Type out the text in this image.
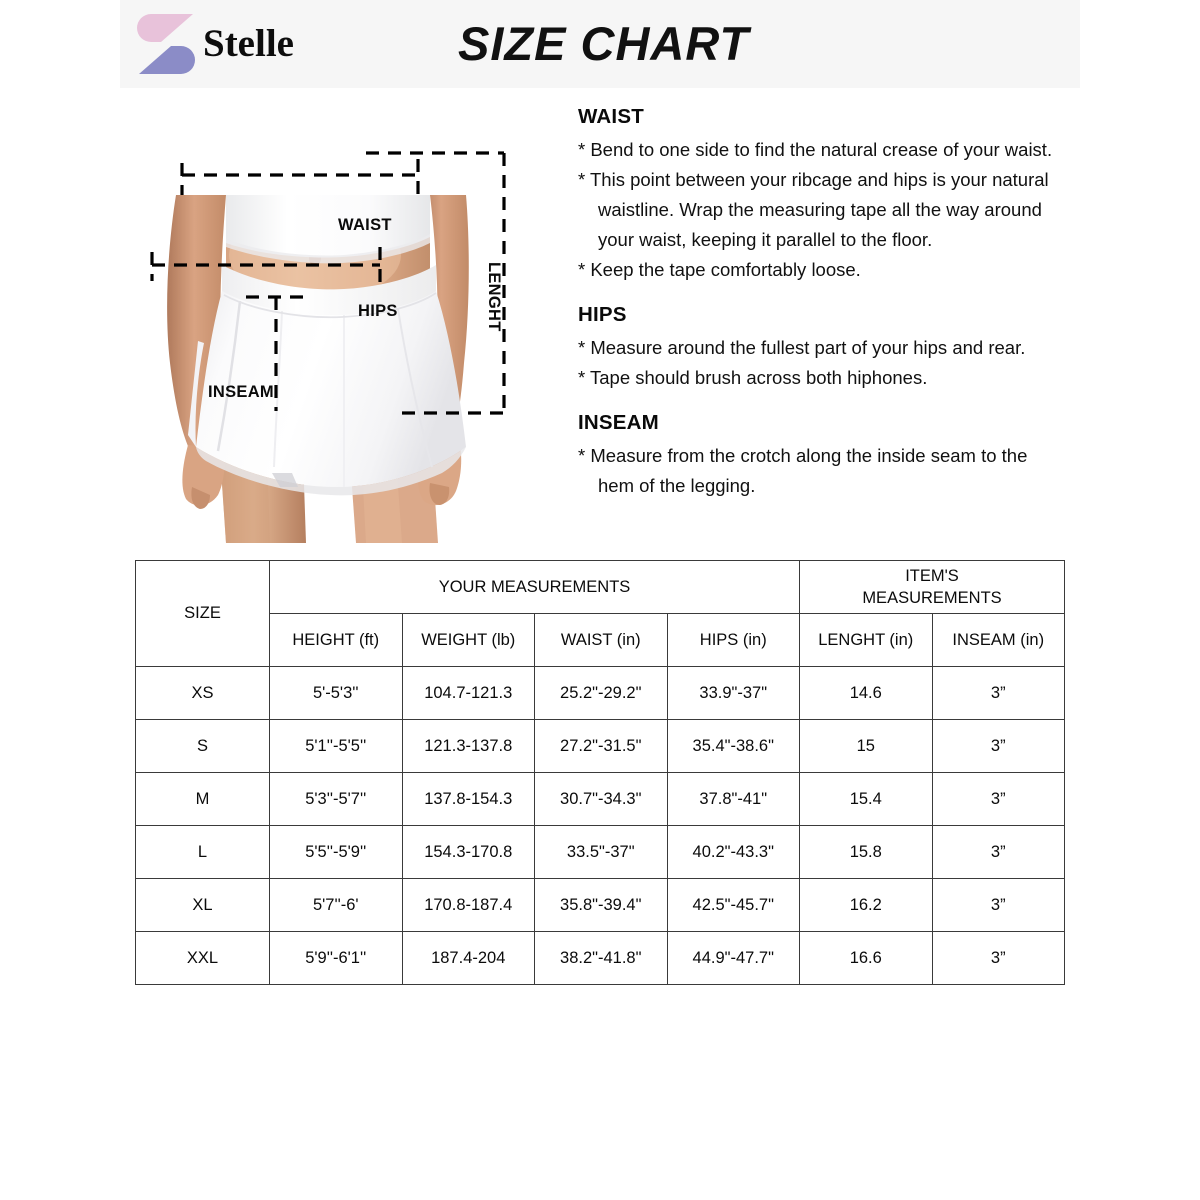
Stelle	SIZE CHART
WAIST
HIPS
INSEAM
LENGHT
WAIST

* Bend to one side to find the natural crease of your waist.

* This point between your ribcage and hips is your natural

waistline. Wrap the measuring tape all the way around

your waist, keeping it parallel to the floor.

* Keep the tape comfortably loose.

HIPS

* Measure around the fullest part of your hips and rear.

* Tape should brush across both hiphones.

INSEAM

* Measure from the crotch along the inside seam to the

hem of the legging.

SIZE	YOUR MEASUREMENTS				ITEM'S
MEASUREMENTS	
	HEIGHT (ft)	WEIGHT (lb)	WAIST (in)	HIPS (in)	LENGHT (in)	INSEAM (in)
XS	5'-5'3''	104.7-121.3	25.2"-29.2"	33.9"-37"	14.6	3”
S	5'1''-5'5''	121.3-137.8	27.2"-31.5"	35.4"-38.6"	15	3”
M	5'3''-5'7''	137.8-154.3	30.7"-34.3"	37.8"-41"	15.4	3”
L	5'5''-5'9''	154.3-170.8	33.5"-37"	40.2"-43.3"	15.8	3”
XL	5'7''-6'	170.8-187.4	35.8"-39.4"	42.5"-45.7"	16.2	3”
XXL	5'9''-6'1''	187.4-204	38.2"-41.8"	44.9"-47.7"	16.6	3”
